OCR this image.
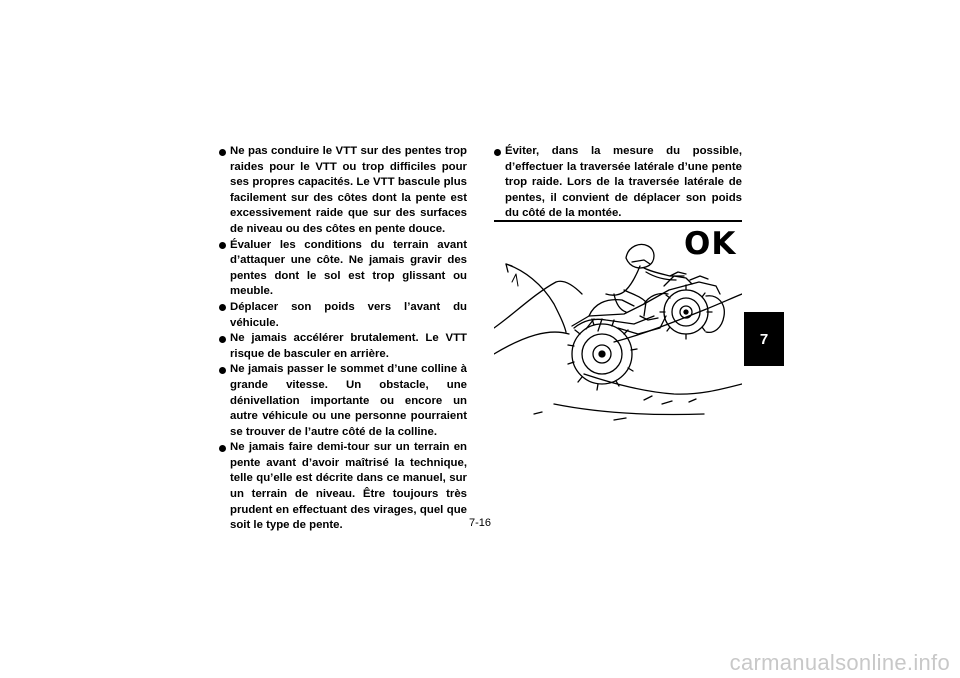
Ne pas conduire le VTT sur des pentes trop raides pour le VTT ou trop difficiles pour ses propres capacités. Le VTT bascule plus facilement sur des côtes dont la pente est excessivement raide que sur des surfaces de niveau ou des côtes en pente douce.

Évaluer les conditions du terrain avant d’attaquer une côte. Ne jamais gravir des pentes dont le sol est trop glissant ou meuble.

Déplacer son poids vers l’avant du véhicule.

Ne jamais accélérer brutalement. Le VTT risque de basculer en arrière.

Ne jamais passer le sommet d’une colline à grande vitesse. Un obstacle, une dénivellation importante ou encore un autre véhicule ou une personne pourraient se trouver de l’autre côté de la colline.

Ne jamais faire demi-tour sur un terrain en pente avant d’avoir maîtrisé la technique, telle qu’elle est décrite dans ce manuel, sur un terrain de niveau. Être toujours très prudent en effectuant des virages, quel que soit le type de pente.

Éviter, dans la mesure du possible, d’effectuer la traversée latérale d’une pente trop raide. Lors de la traversée latérale de pentes, il convient de déplacer son poids du côté de la montée.

OK
7
7-16
carmanualsonline.info
